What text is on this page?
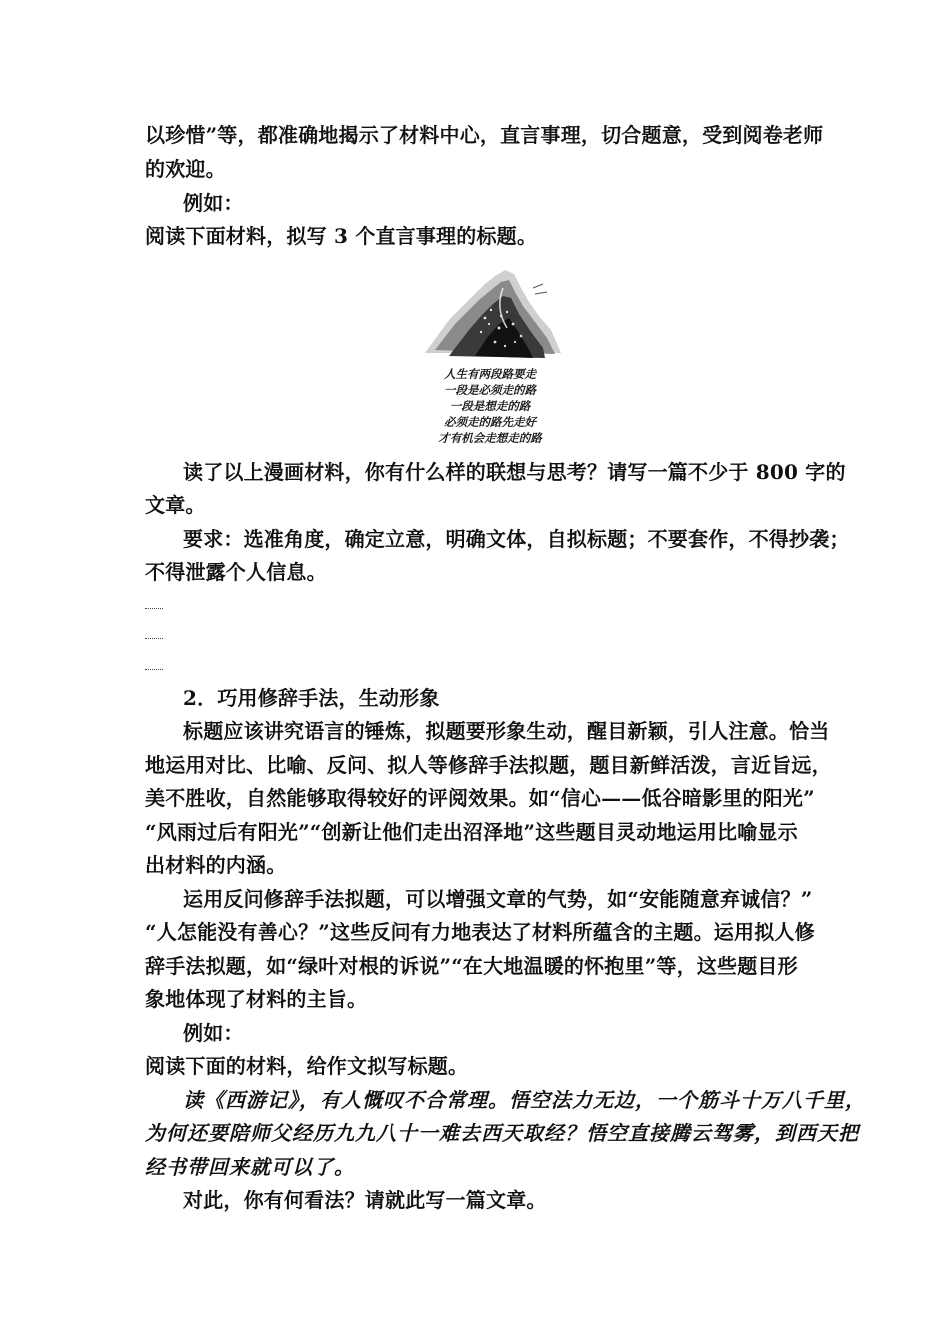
以珍惜”等，都准确地揭示了材料中心，直言事理，切合题意，受到阅卷老师
的欢迎。
例如：
阅读下面材料，拟写 3 个直言事理的标题。
人生有两段路要走
一段是必须走的路
一段是想走的路
必须走的路先走好
才有机会走想走的路
读了以上漫画材料，你有什么样的联想与思考？请写一篇不少于 800 字的
文章。
要求：选准角度，确定立意，明确文体，自拟标题；不要套作，不得抄袭；
不得泄露个人信息。
2．巧用修辞手法，生动形象
标题应该讲究语言的锤炼，拟题要形象生动，醒目新颖，引人注意。恰当
地运用对比、比喻、反问、拟人等修辞手法拟题，题目新鲜活泼，言近旨远，
美不胜收，自然能够取得较好的评阅效果。如“信心——低谷暗影里的阳光”
“风雨过后有阳光”“创新让他们走出沼泽地”这些题目灵动地运用比喻显示
出材料的内涵。
运用反问修辞手法拟题，可以增强文章的气势，如“安能随意弃诚信？”
“人怎能没有善心？”这些反问有力地表达了材料所蕴含的主题。运用拟人修
辞手法拟题，如“绿叶对根的诉说”“在大地温暖的怀抱里”等，这些题目形
象地体现了材料的主旨。
例如：
阅读下面的材料，给作文拟写标题。
读《西游记》，有人慨叹不合常理。悟空法力无边，一个筋斗十万八千里，
为何还要陪师父经历九九八十一难去西天取经？悟空直接腾云驾雾，到西天把
经书带回来就可以了。
对此，你有何看法？请就此写一篇文章。
